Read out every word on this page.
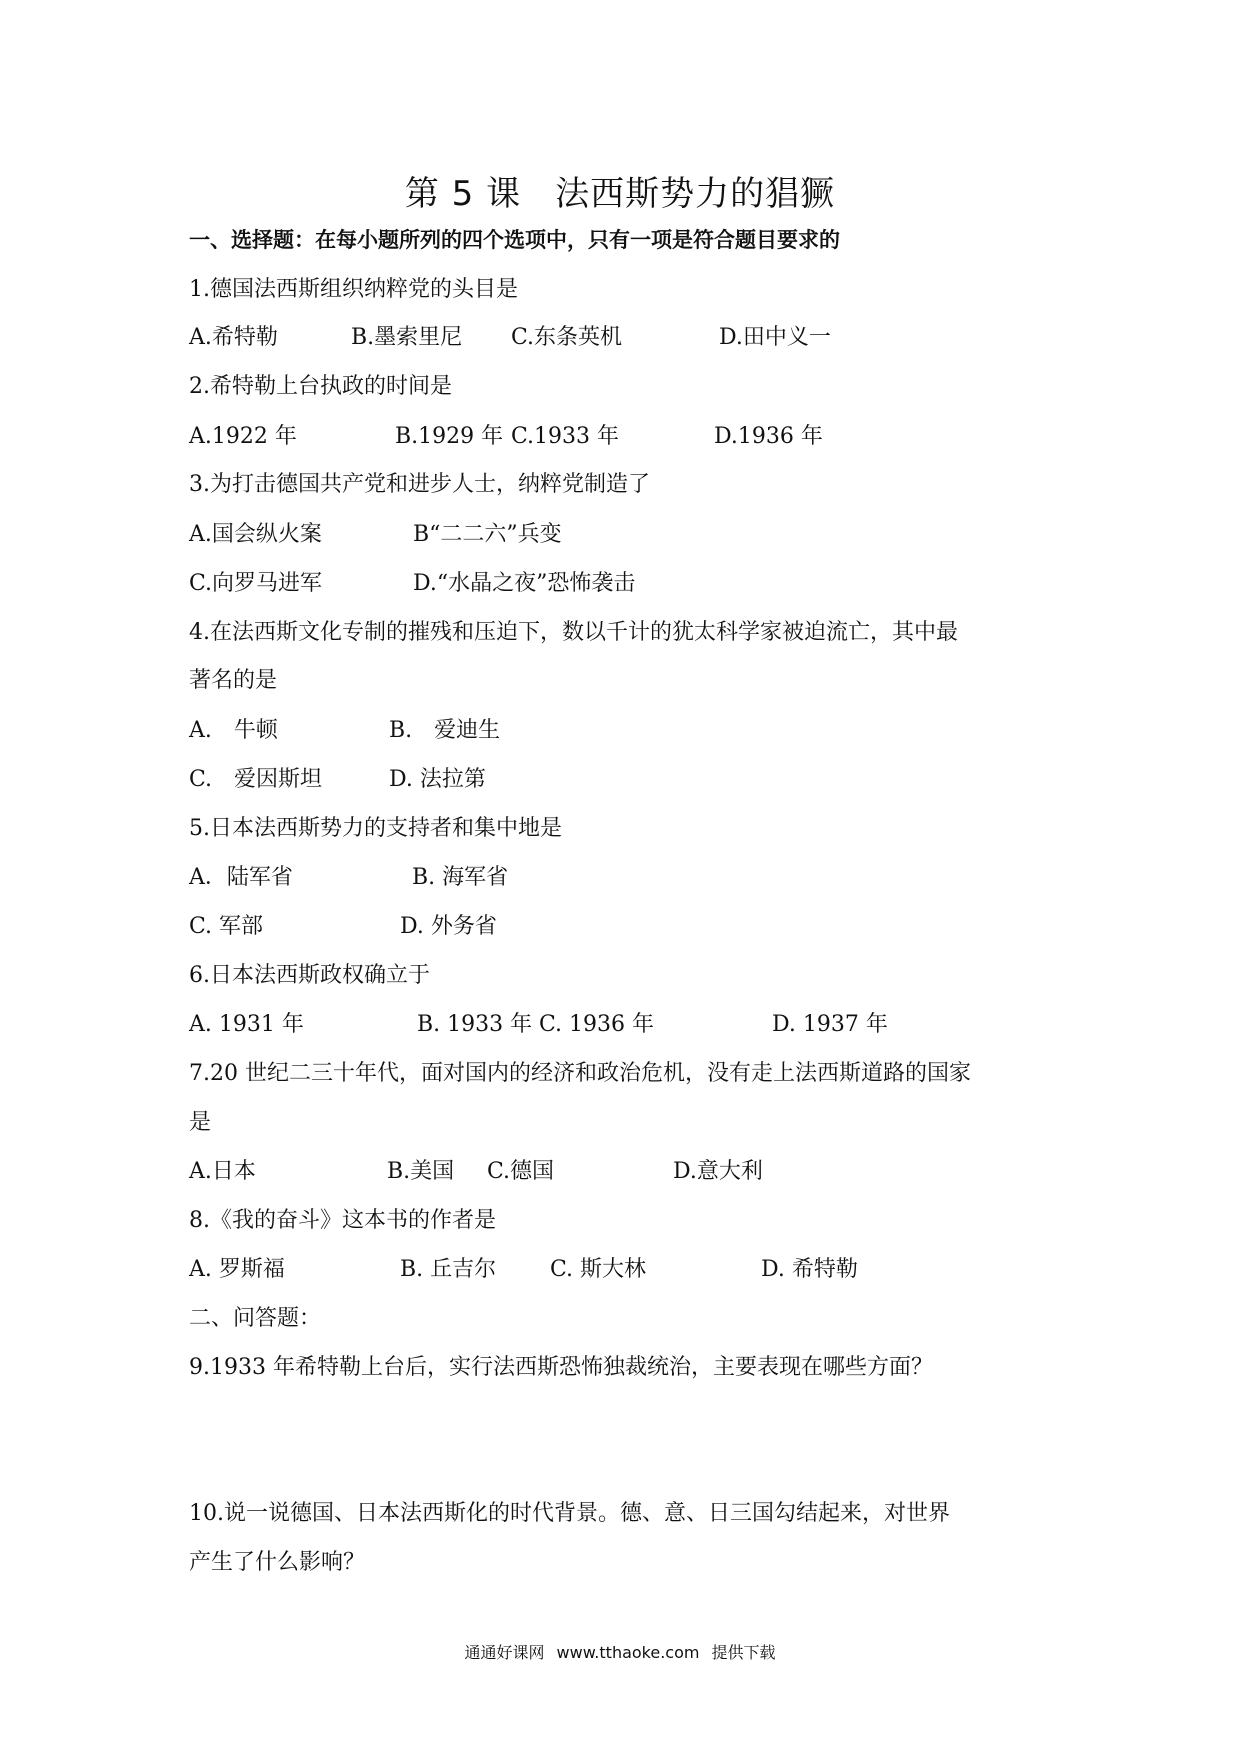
第 5 课 法西斯势力的猖獗
一、选择题：在每小题所列的四个选项中，只有一项是符合题目要求的
1.德国法西斯组织纳粹党的头目是
A.希特勒	B.墨索里尼 C.东条英机	D.田中义一
2.希特勒上台执政的时间是
A.1922 年	B.1929 年 C.1933 年	D.1936 年
3.为打击德国共产党和进步人士，纳粹党制造了
A.国会纵火案	B“二二六”兵变
C.向罗马进军	D.“水晶之夜”恐怖袭击
4.在法西斯文化专制的摧残和压迫下，数以千计的犹太科学家被迫流亡，其中最
著名的是
A.　牛顿	B.　爱迪生
C.　爱因斯坦	D. 法拉第
5.日本法西斯势力的支持者和集中地是
A．陆军省	B. 海军省
C. 军部	D. 外务省
6.日本法西斯政权确立于
A. 1931 年	B. 1933 年 C. 1936 年	D. 1937 年
7.20 世纪二三十年代，面对国内的经济和政治危机，没有走上法西斯道路的国家
是
A.日本	B.美国 C.德国	D.意大利
8.《我的奋斗》这本书的作者是
A. 罗斯福	B. 丘吉尔 C. 斯大林	D. 希特勒
二、问答题：
9.1933 年希特勒上台后，实行法西斯恐怖独裁统治，主要表现在哪些方面？
10.说一说德国、日本法西斯化的时代背景。德、意、日三国勾结起来，对世界
产生了什么影响？
通通好课网 www.tthaoke.com 提供下载
